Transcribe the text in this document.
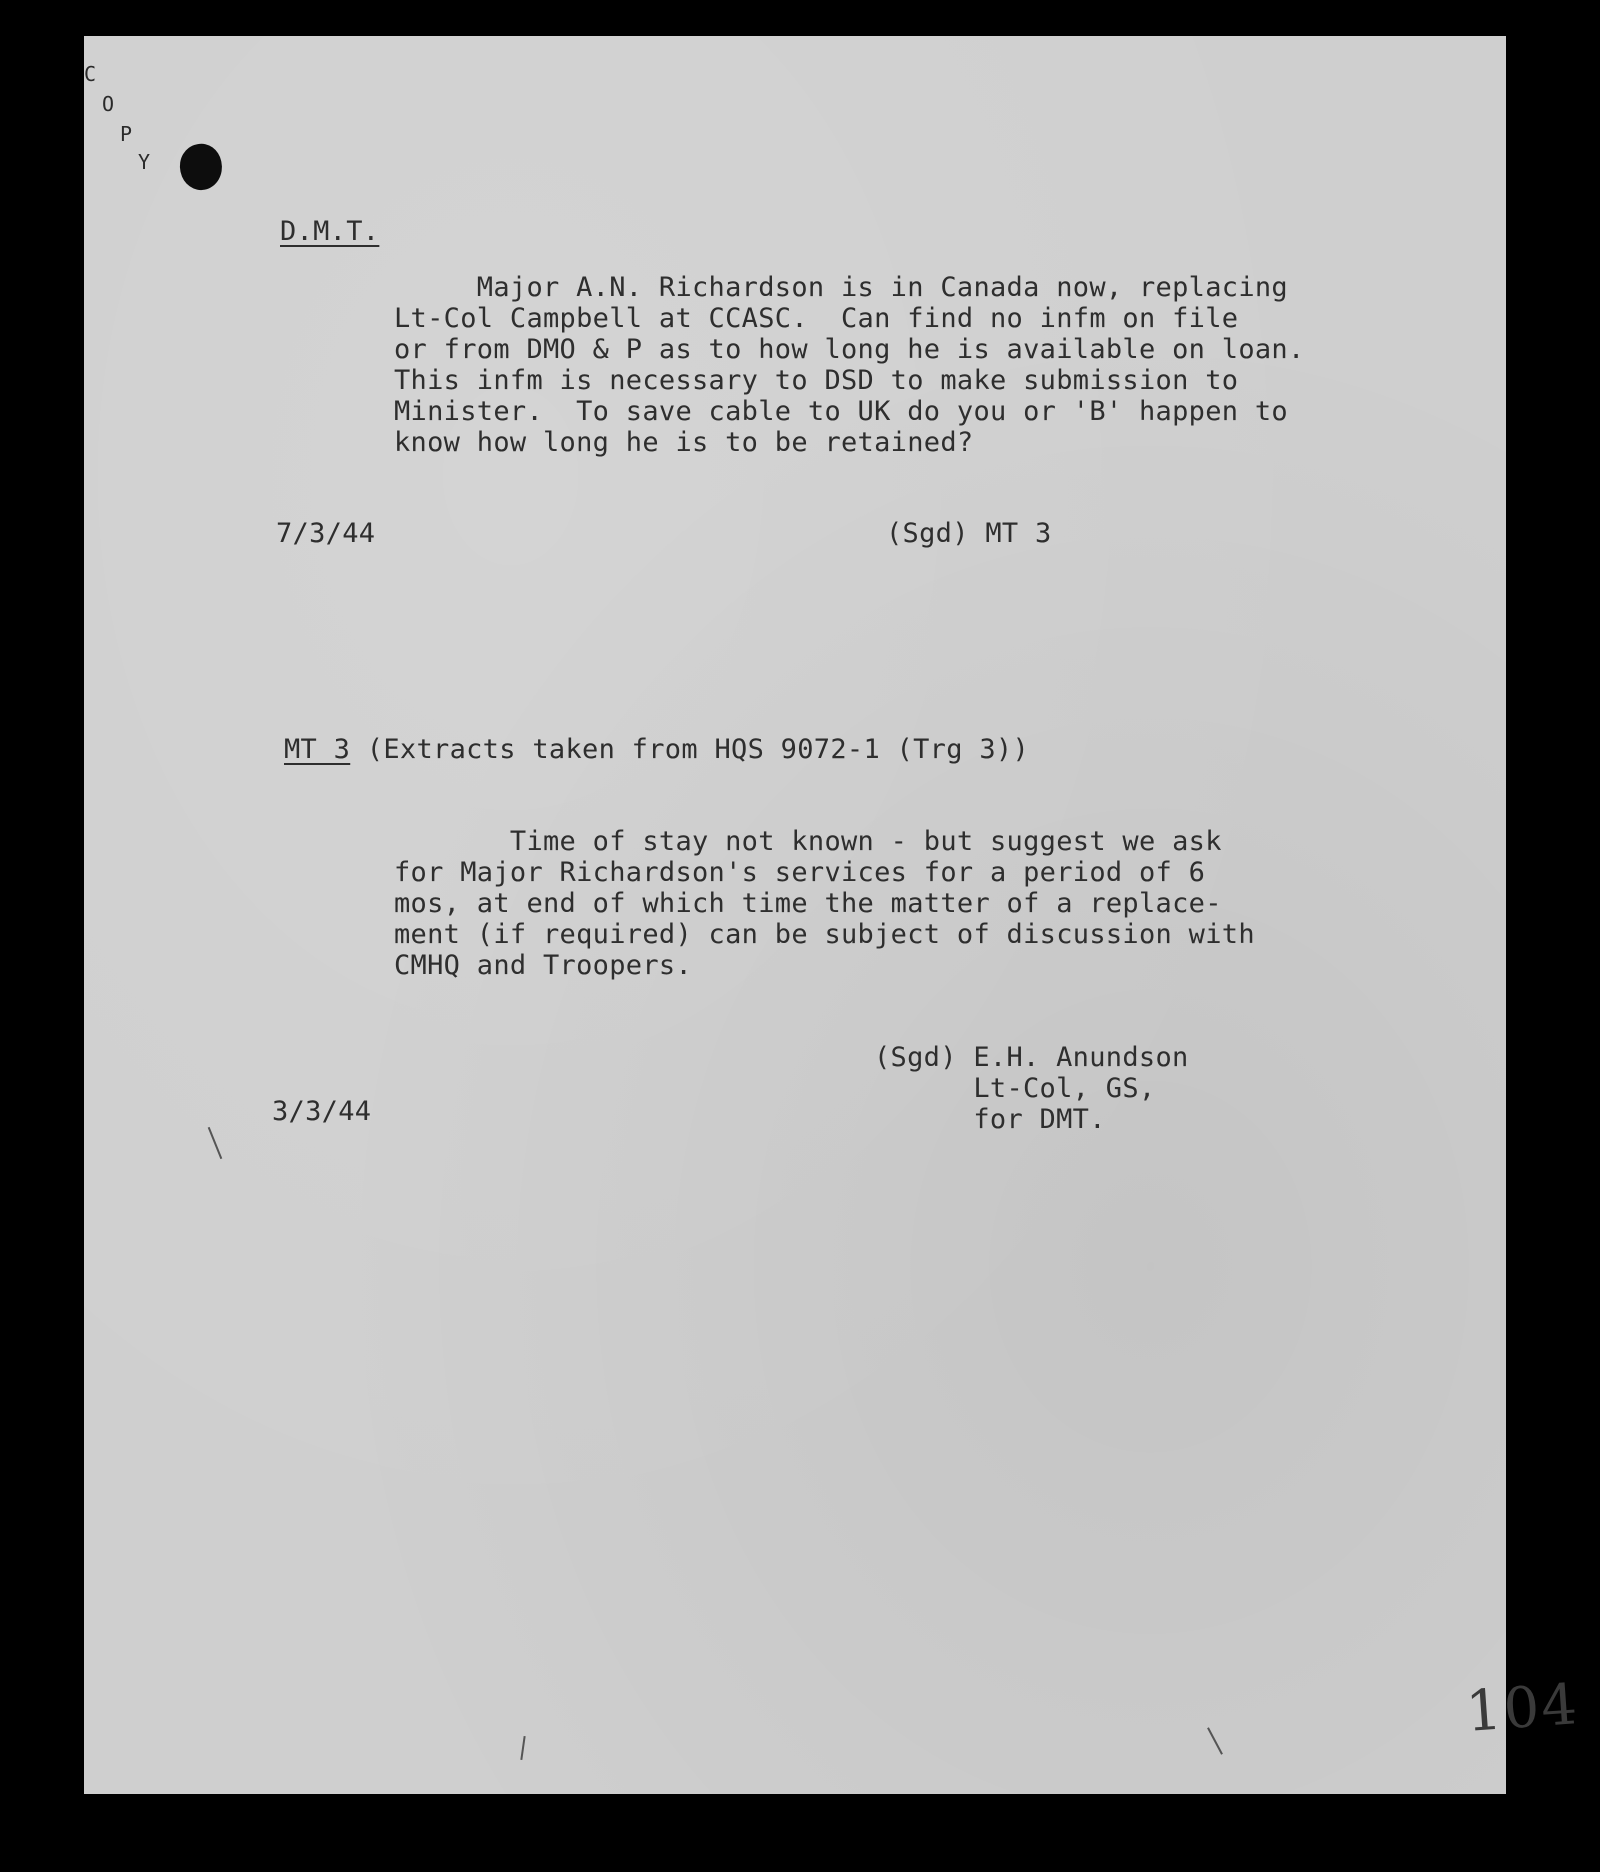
C
O
P
Y
D.M.T.
Major A.N. Richardson is in Canada now, replacing
Lt-Col Campbell at CCASC.  Can find no infm on file
or from DMO & P as to how long he is available on loan.
This infm is necessary to DSD to make submission to
Minister.  To save cable to UK do you or 'B' happen to
know how long he is to be retained?
7/3/44	(Sgd) MT 3
MT 3 (Extracts taken from HQS 9072-1 (Trg 3))
Time of stay not known - but suggest we ask
for Major Richardson's services for a period of 6
mos, at end of which time the matter of a replace-
ment (if required) can be subject of discussion with
CMHQ and Troopers.
(Sgd) E.H. Anundson
Lt-Col, GS,
for DMT.
3/3/44
104
